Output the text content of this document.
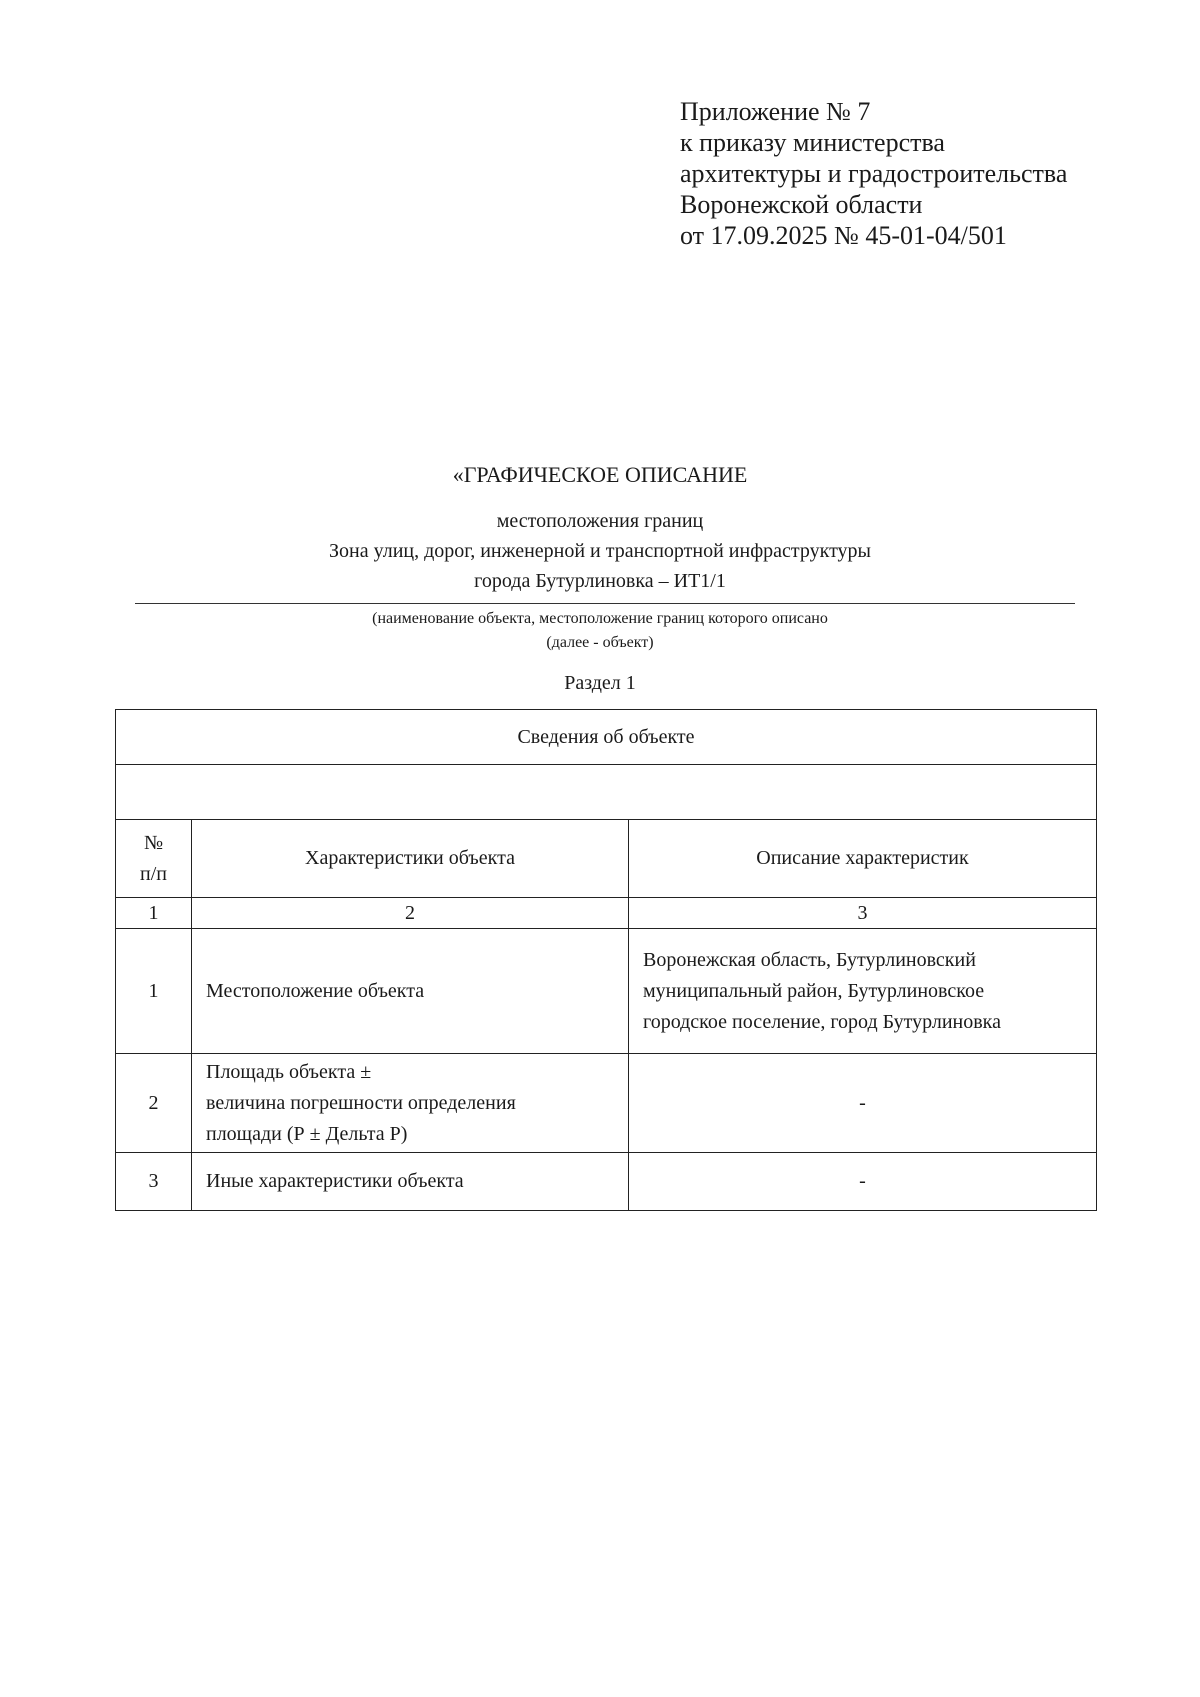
Приложение № 7
к приказу министерства
архитектуры и градостроительства
Воронежской области
от 17.09.2025 № 45-01-04/501
«ГРАФИЧЕСКОЕ ОПИСАНИЕ
местоположения границ
Зона улиц, дорог, инженерной и транспортной инфраструктуры
города Бутурлиновка – ИТ1/1
(наименование объекта, местоположение границ которого описано
(далее - объект)
Раздел 1
Сведения об объекте		

№
п/п	Характеристики объекта	Описание характеристик
1	2	3
1	Местоположение объекта	Воронежская область, Бутурлиновский
муниципальный район, Бутурлиновское
городское поселение, город Бутурлиновка

2	Площадь объекта ±
величина погрешности определения
площади (Р ± Дельта Р)	-
3	Иные характеристики объекта	-
